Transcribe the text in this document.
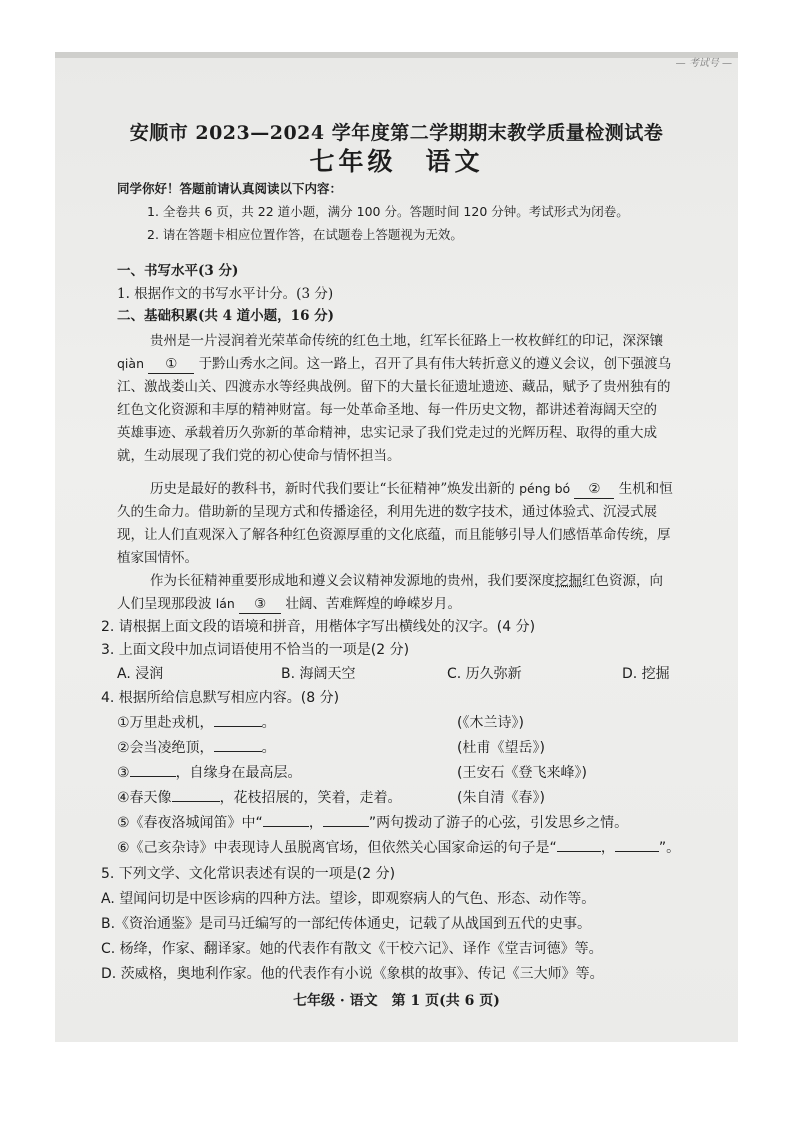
— 考试号 —
安顺市 2023—2024 学年度第二学期期末教学质量检测试卷
七年级　语文
同学你好！答题前请认真阅读以下内容：
1. 全卷共 6 页，共 22 道小题，满分 100 分。答题时间 120 分钟。考试形式为闭卷。
2. 请在答题卡相应位置作答，在试题卷上答题视为无效。
一、书写水平(3 分)
1. 根据作文的书写水平计分。(3 分)
二、基础积累(共 4 道小题，16 分)
贵州是一片浸润着光荣革命传统的红色土地，红军长征路上一枚枚鲜红的印记，深深镶
qiàn ① 于黔山秀水之间。这一路上，召开了具有伟大转折意义的遵义会议，创下强渡乌
江、激战娄山关、四渡赤水等经典战例。留下的大量长征遗址遗迹、藏品，赋予了贵州独有的
红色文化资源和丰厚的精神财富。每一处革命圣地、每一件历史文物，都讲述着海阔天空的
英雄事迹、承载着历久弥新的革命精神，忠实记录了我们党走过的光辉历程、取得的重大成
就，生动展现了我们党的初心使命与情怀担当。
历史是最好的教科书，新时代我们要让“长征精神”焕发出新的 péng bó ② 生机和恒
久的生命力。借助新的呈现方式和传播途径，利用先进的数字技术，通过体验式、沉浸式展
现，让人们直观深入了解各种红色资源厚重的文化底蕴，而且能够引导人们感悟革命传统，厚
植家国情怀。
作为长征精神重要形成地和遵义会议精神发源地的贵州，我们要深度挖掘红色资源，向
人们呈现那段波 lán ③ 壮阔、苦难辉煌的峥嵘岁月。
2. 请根据上面文段的语境和拼音，用楷体字写出横线处的汉字。(4 分)
3. 上面文段中加点词语使用不恰当的一项是(2 分)
A. 浸润	B. 海阔天空	C. 历久弥新	D. 挖掘
4. 根据所给信息默写相应内容。(8 分)
①万里赴戎机，	。	(《木兰诗》)
②会当凌绝顶，	。	(杜甫《望岳》)
③	，自缘身在最高层。	(王安石《登飞来峰》)
④春天像	，花枝招展的，笑着，走着。	(朱自清《春》)
⑤《春夜洛城闻笛》中“	，	”两句拨动了游子的心弦，引发思乡之情。
⑥《己亥杂诗》中表现诗人虽脱离官场，但依然关心国家命运的句子是“	，	”。
5. 下列文学、文化常识表述有误的一项是(2 分)
A. 望闻问切是中医诊病的四种方法。望诊，即观察病人的气色、形态、动作等。
B.《资治通鉴》是司马迁编写的一部纪传体通史，记载了从战国到五代的史事。
C. 杨绛，作家、翻译家。她的代表作有散文《干校六记》、译作《堂吉诃德》等。
D. 茨威格，奥地利作家。他的代表作有小说《象棋的故事》、传记《三大师》等。
七年级 · 语文　第 1 页(共 6 页)
